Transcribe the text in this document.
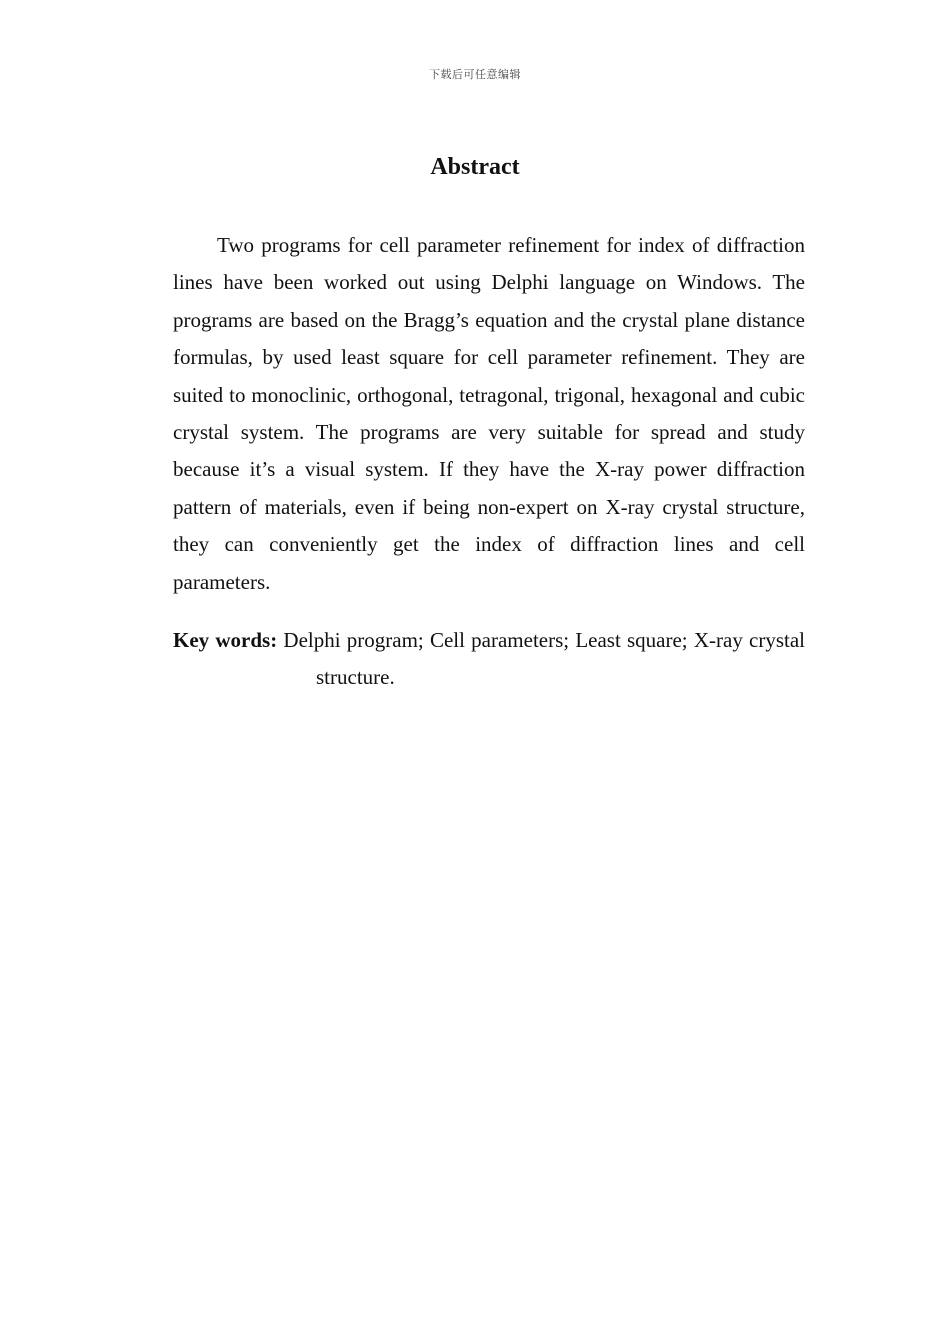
下载后可任意编辑
Abstract

Two programs for cell parameter refinement for index of diffraction lines have been worked out using Delphi language on Windows. The programs are based on the Bragg’s equation and the crystal plane distance formulas, by used least square for cell parameter refinement. They are suited to monoclinic, orthogonal, tetragonal, trigonal, hexagonal and cubic crystal system. The programs are very suitable for spread and study because it’s a visual system. If they have the X-ray power diffraction pattern of materials, even if being non-expert on X-ray crystal structure, they can conveniently get the index of diffraction lines and cell parameters.

Key words: Delphi program; Cell parameters; Least square; X-ray crystal structure.
